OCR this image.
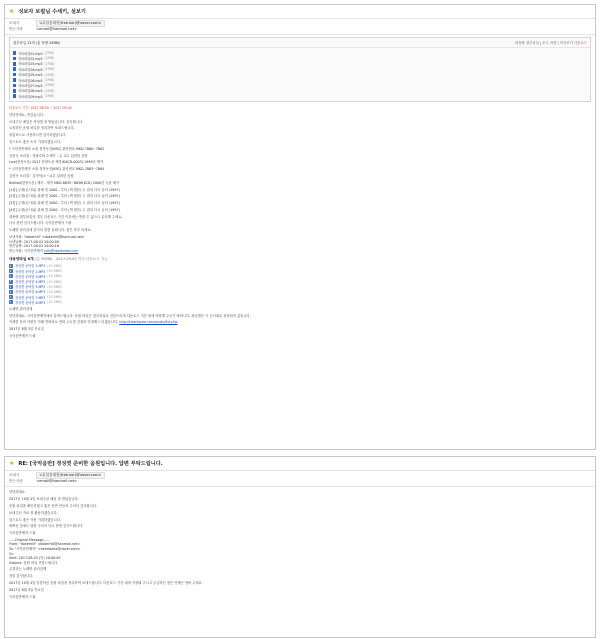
★ 성보자 보컬님 수세키, 섬보기
보내사	<무입음대진(free.kor)@naver.com>
받는사람	<email@hanmail.net>
첨부파일 12개 (총 용량 25MB)	대용량 첨부파일 | 모두 저장 | 미리보기 다운로드
자료파일01.mp3 (2MB)
자료파일02.mp3 (2MB)
자료파일03.mp3 (2MB)
자료파일04.mp3 (2MB)
자료파일05.mp3 (2MB)
자료파일06.mp3 (2MB)
자료파일07.mp3 (2MB)
자료파일08.mp3 (2MB)
자료파일09.mp3 (2MB)
다운로드 기간: 2017.08.05 ~ 2017.09.05

안녕하세요. 반갑습니다.

보내주신 메일은 정성껏 잘 받았습니다. 감사합니다.

요청하신 음원 파일을 정리하여 보내드립니다.

성업보으로 사용하시면 감사하겠습니다.

앞으로도 좋은 소식 기대하겠습니다.

* 국악음반제작 소장 정목녹진(KRC) 관리번호 MKD-7860~7862

감정곡 소리결 : 정광수락 수제가 - 유 교수 입력한 음원

Live(현장녹음) 2017 현장녹음 제작(KACD-0003) 1999년 제작

* 국악음반제작 소장 정목녹진(KRC) 관리번호 MKD-7863~7864

감정곡 소리결 : 김정석(노~교수 입력한 음원

Bultiad(현장녹음) 제작 - 제작 MKD-8635~8636(KCD) 2000년 녹음 제작

[1집] 무광(손사위) 판매 빌 2000 - 부터 (책 원문) 두 집의 다시 들어 (1997)

[2집] 무광(손사위) 판매 빌 2000 - 부터 (책 원문) 두 집의 다시 들어 (1997)

[3집] 무광(손사위) 판매 빌 2000 - 부터 (책 원문) 두 집의 다시 들어 (1997)

[4집] 무광(손사위) 판매 빌 2000 - 부터 (책 원문) 두 집의 다시 들어 (1997)

대용량 첨부파일의 경우 다운로드 기간 이후에는 받을 수 없으니 유의해 주세요.

다시 한번 감사드립니다. 국악음반제작 드림

노래방 관리실에 감사의 말씀 올립니다. 좋은 하루 되세요.

보낸사람: "dokerhill" <dokerhill@hanmail.net>
보낸날짜: 2017-08-03 20:00:09
받은날짜: 2017-08-03 20:00:16
받는사람: 국악음반제작 info@hearkorea.com
대용량파일 6개 (총 55MB) - 2017.09.03 까지 다운로드 가능
정성껏 준비한 1.MP3 (10.5MB)
정성껏 준비한 2.MP3 (10.5MB)
정성껏 준비한 3.MP3 (10.5MB)
정성껏 준비한 4.MP3 (10.5MB)
정성껏 준비한 5.MP3 (10.5MB)
정성껏 준비한 6.MP3 (10.5MB)
정성껏 준비한 7.MP3 (10.5MB)
정성껏 준비한 8.MP3 (10.5MB)

노래방 관리실에

안녕하세요. 국악음반제작에서 알려드립니다. 음원 파일은 첨부파일로 전달드리며 다운로드 기간 내에 저장해 주시기 바랍니다. 파일명은 곡 순서대로 정리되어 있습니다.

자세한 문의 사항은 아래 연락처로 연락 주시면 친절히 안내해 드리겠습니다. http://hearkorea.com/audio/list.php

2017년 8월 3일 목요일

국악음반제작 드림

★ RE: [국악음반] 정성껏 준비한 음원입니다. 답변 부탁드립니다.
보내사	<무입음대진(free.kor)@naver.com>
받는사람	<email@hanmail.net>

안녕하세요.

2017년 10월 4일 보내주신 메일 잘 받았습니다.

음원 파일을 확인하였고 좋은 음반 만들어 주셔서 감사합니다.

보내주신 자료 잘 활용하겠습니다.

앞으로도 좋은 작품 기대하겠습니다.

바쁘신 중에도 답장 주셔서 다시 한번 감사드립니다.

국악음반제작 드림

-----Original Message-----
From: "dokerhill" <dokerhill@hanmail.net>
To: "국악음반제작" <hearkorea@naver.com>
Cc:
Sent: 2017-08-03 (목) 20:00:09
Subject: 음원 파일 전달드립니다.

존경하는 노래방 관리실께

정말 감사합니다.

2017년 10월 4일 말씀하신 음원 파일을 정리하여 보내드립니다. 다운로드 기간 내에 저장해 주시고 궁금하신 점은 언제든 연락 주세요.

2017년 8월 3일 목요일

국악음반제작 드림
